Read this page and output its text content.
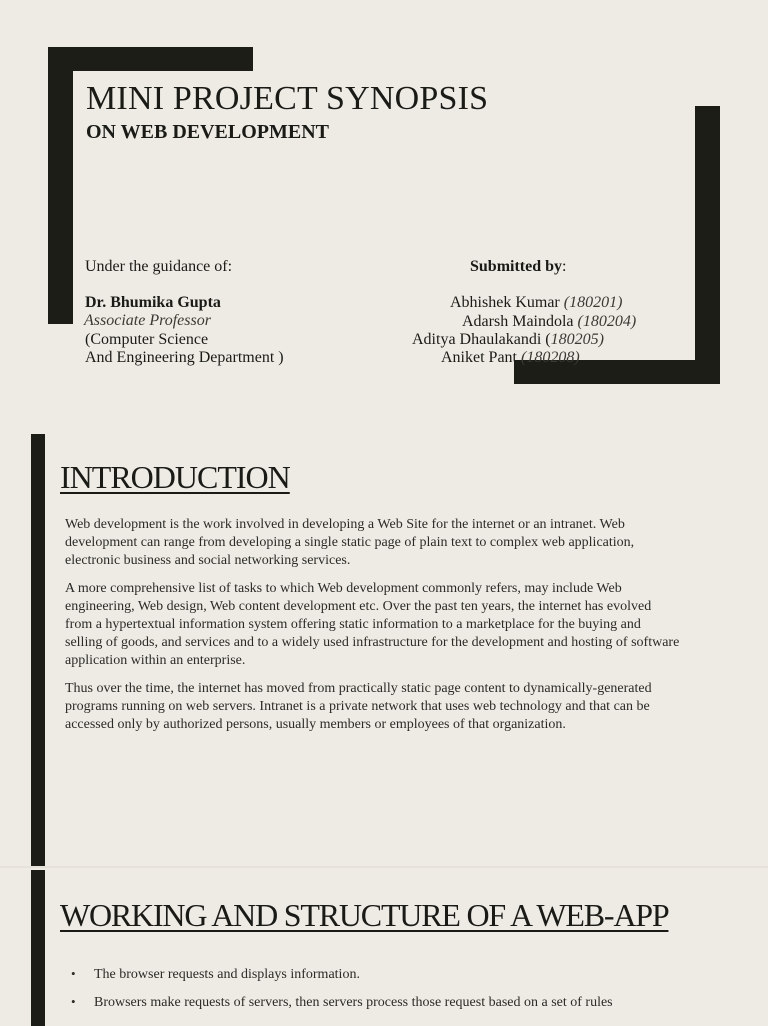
MINI PROJECT SYNOPSIS
ON WEB DEVELOPMENT
Under the guidance of:	Submitted by:
Dr. Bhumika Gupta
Associate Professor
(Computer Science
And Engineering Department )
Abhishek Kumar (180201)
Adarsh Maindola (180204)
Aditya Dhaulakandi (180205)
Aniket Pant (180208)
INTRODUCTION
Web development is the work involved in developing a Web Site for the internet or an intranet. Web
development can range from developing a single static page of plain text to complex web application,
electronic business and social networking services.
A more comprehensive list of tasks to which Web development commonly refers, may include Web
engineering, Web design, Web content development etc. Over the past ten years, the internet has evolved
from a hypertextual information system offering static information to a marketplace for the buying and
selling of goods, and services and to a widely used infrastructure for the development and hosting of software
application within an enterprise.
Thus over the time, the internet has moved from practically static page content to dynamically-generated
programs running on web servers. Intranet is a private network that uses web technology and that can be
accessed only by authorized persons, usually members or employees of that organization.
WORKING AND STRUCTURE OF A WEB-APP
• The browser requests and displays information.
• Browsers make requests of servers, then servers process those request based on a set of rules
